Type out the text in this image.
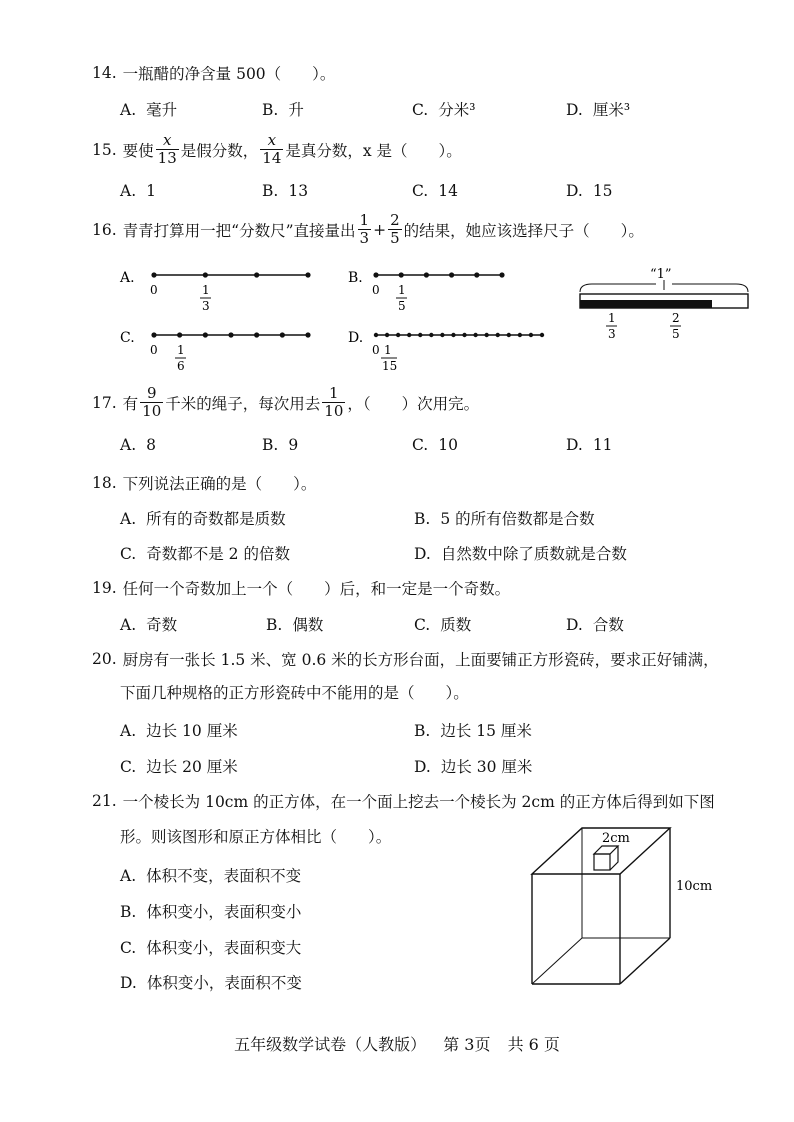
14. 一瓶醋的净含量 500（　　）。
A. 毫升	B. 升	C. 分米³	D. 厘米³
15. 要使 $\frac{x}{13}$ 是假分数， $\frac{x}{14}$ 是真分数，x 是（　　）。
A. 1	B. 13	C. 14	D. 15
16. 青青打算用一把“分数尺”直接量出 $\frac{1}{3} + \frac{2}{5}$ 的结果，她应该选择尺子（　　）。
A.
0	1
3
B.
0 1
5
C.
0 1
6
D.
0 1
15
“1”
1
3
2
5
17. 有 $\frac{9}{10}$ 千米的绳子，每次用去 $\frac{1}{10}$ ，（　　）次用完。
A. 8	B. 9	C. 10	D. 11
18. 下列说法正确的是（　　）。
A. 所有的奇数都是质数	B. 5 的所有倍数都是合数
C. 奇数都不是 2 的倍数	D. 自然数中除了质数就是合数
19. 任何一个奇数加上一个（　　）后，和一定是一个奇数。
A. 奇数	B. 偶数	C. 质数	D. 合数
20. 厨房有一张长 1.5 米、宽 0.6 米的长方形台面，上面要铺正方形瓷砖，要求正好铺满，
下面几种规格的正方形瓷砖中不能用的是（　　）。
A. 边长 10 厘米	B. 边长 15 厘米
C. 边长 20 厘米	D. 边长 30 厘米
21. 一个棱长为 10cm 的正方体，在一个面上挖去一个棱长为 2cm 的正方体后得到如下图
形。则该图形和原正方体相比（　　）。
A. 体积不变，表面积不变
B. 体积变小，表面积变小
C. 体积变小，表面积变大
D. 体积变小，表面积不变
2cm
10cm
五年级数学试卷（人教版） 第 3页 共 6 页
